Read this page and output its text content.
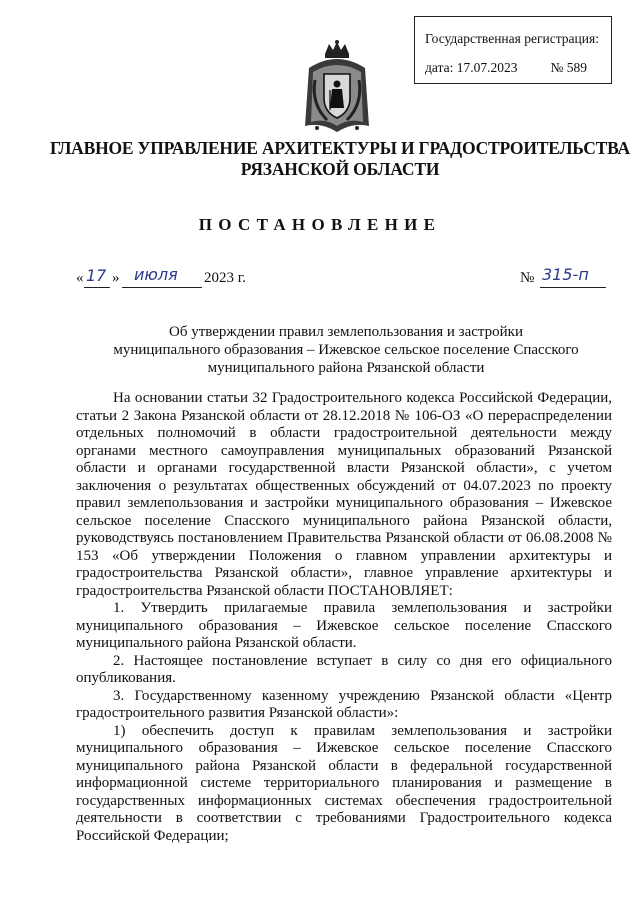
Государственная регистрация:
дата: 17.07.2023 № 589
ГЛАВНОЕ УПРАВЛЕНИЕ АРХИТЕКТУРЫ И ГРАДОСТРОИТЕЛЬСТВА
РЯЗАНСКОЙ ОБЛАСТИ
ПОСТАНОВЛЕНИЕ
« 17 » июля 2023 г.	№ 315-п
Об утверждении правил землепользования и застройки
муниципального образования – Ижевское сельское поселение Спасского
муниципального района Рязанской области

На основании статьи 32 Градостроительного кодекса Российской Федерации, статьи 2 Закона Рязанской области от 28.12.2018 № 106-ОЗ «О перераспределении отдельных полномочий в области градостроительной деятельности между органами местного самоуправления муниципальных образований Рязанской области и органами государственной власти Рязанской области», с учетом заключения о результатах общественных обсуждений от 04.07.2023 по проекту правил землепользования и застройки муниципального образования – Ижевское сельское поселение Спасского муниципального района Рязанской области, руководствуясь постановлением Правительства Рязанской области от 06.08.2008 № 153 «Об утверждении Положения о главном управлении архитектуры и градостроительства Рязанской области», главное управление архитектуры и градостроительства Рязанской области ПОСТАНОВЛЯЕТ:

1. Утвердить прилагаемые правила землепользования и застройки муниципального образования – Ижевское сельское поселение Спасского муниципального района Рязанской области.

2. Настоящее постановление вступает в силу со дня его официального опубликования.

3. Государственному казенному учреждению Рязанской области «Центр градостроительного развития Рязанской области»:

1) обеспечить доступ к правилам землепользования и застройки муниципального образования – Ижевское сельское поселение Спасского муниципального района Рязанской области в федеральной государственной информационной системе территориального планирования и размещение в государственных информационных системах обеспечения градостроительной деятельности в соответствии с требованиями Градостроительного кодекса Российской Федерации;
